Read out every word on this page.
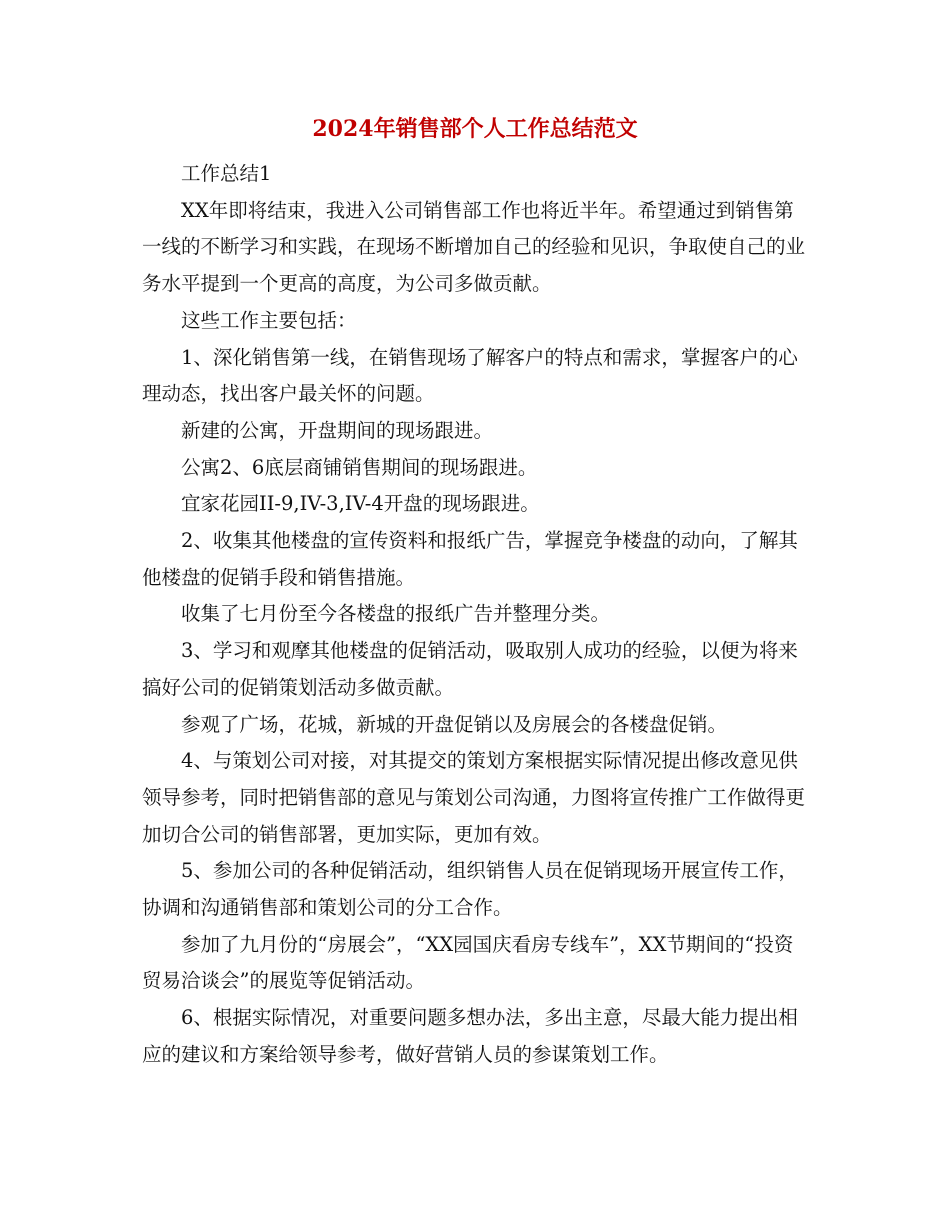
2024年销售部个人工作总结范文

工作总结1

XX年即将结束，我进入公司销售部工作也将近半年。希望通过到销售第一线的不断学习和实践，在现场不断增加自己的经验和见识，争取使自己的业务水平提到一个更高的高度，为公司多做贡献。

这些工作主要包括：

1、深化销售第一线，在销售现场了解客户的特点和需求，掌握客户的心理动态，找出客户最关怀的问题。

新建的公寓，开盘期间的现场跟进。

公寓2、6底层商铺销售期间的现场跟进。

宜家花园II-9,IV-3,IV-4开盘的现场跟进。

2、收集其他楼盘的宣传资料和报纸广告，掌握竞争楼盘的动向，了解其他楼盘的促销手段和销售措施。

收集了七月份至今各楼盘的报纸广告并整理分类。

3、学习和观摩其他楼盘的促销活动，吸取别人成功的经验，以便为将来搞好公司的促销策划活动多做贡献。

参观了广场，花城，新城的开盘促销以及房展会的各楼盘促销。

4、与策划公司对接，对其提交的策划方案根据实际情况提出修改意见供领导参考，同时把销售部的意见与策划公司沟通，力图将宣传推广工作做得更加切合公司的销售部署，更加实际，更加有效。

5、参加公司的各种促销活动，组织销售人员在促销现场开展宣传工作，协调和沟通销售部和策划公司的分工合作。

参加了九月份的“房展会”，“XX园国庆看房专线车”，XX节期间的“投资贸易洽谈会”的展览等促销活动。

6、根据实际情况，对重要问题多想办法，多出主意，尽最大能力提出相应的建议和方案给领导参考，做好营销人员的参谋策划工作。
